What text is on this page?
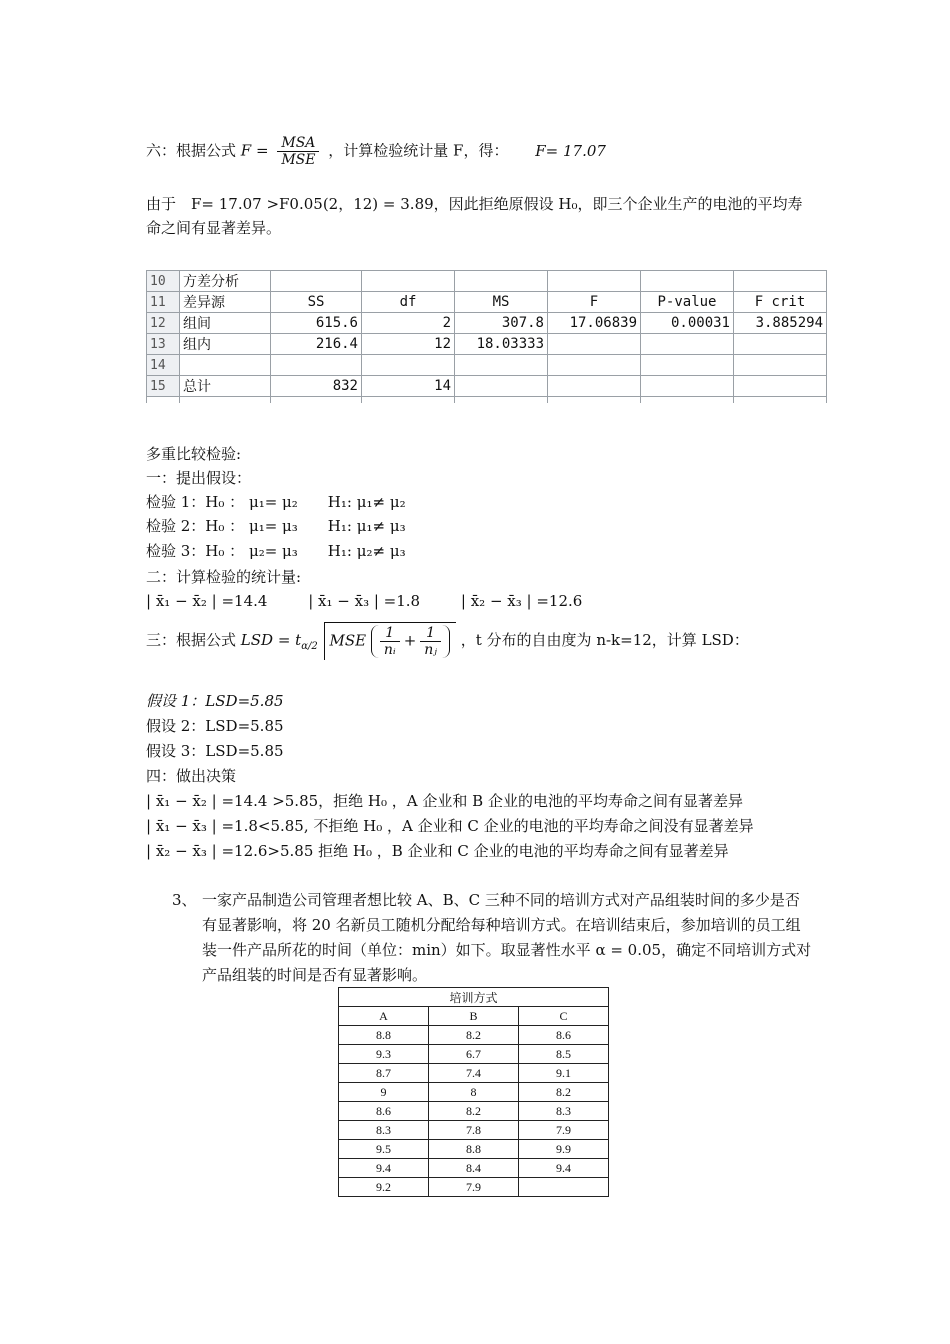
六：根据公式 $F = \frac{\text{MSA}}{\text{MSE}}$ ，计算检验统计量 F，得： F= 17.07
由于　F= 17.07 >F0.05(2，12) = 3.89，因此拒绝原假设 H₀，即三个企业生产的电池的平均寿
命之间有显著差异。
10	方差分析						
11	差异源	SS	df	MS	F	P-value	F crit
12	组间	615.6	2	307.8	17.06839	0.00031	3.885294
13	组内	216.4	12	18.03333			
14							
15	总计	832	14				

多重比较检验:
一：提出假设：
检验 1：H₀ ： μ₁= μ₂　　H₁: μ₁≠ μ₂
检验 2：H₀ ： μ₁= μ₃　　H₁: μ₁≠ μ₃
检验 3：H₀ ： μ₂= μ₃　　H₁: μ₂≠ μ₃
二：计算检验的统计量:
| x̄₁ − x̄₂ | =14.4	| x̄₁ − x̄₃ | =1.8	| x̄₂ − x̄₃ | =12.6
三：根据公式 LSD = $t_{\alpha/2}$ MSE $\frac{1}{\text{nᵢ}} + \frac{1}{\text{nⱼ}}$ ，t 分布的自由度为 n-k=12，计算 LSD：
假设 1：LSD=5.85
假设 2：LSD=5.85
假设 3：LSD=5.85
四：做出决策
| x̄₁ − x̄₂ | =14.4 >5.85，拒绝 H₀ ，A 企业和 B 企业的电池的平均寿命之间有显著差异
| x̄₁ − x̄₃ | =1.8<5.85, 不拒绝 H₀ ，A 企业和 C 企业的电池的平均寿命之间没有显著差异
| x̄₂ − x̄₃ | =12.6>5.85 拒绝 H₀ ，B 企业和 C 企业的电池的平均寿命之间有显著差异
3、 一家产品制造公司管理者想比较 A、B、C 三种不同的培训方式对产品组装时间的多少是否有显著影响，将 20 名新员工随机分配给每种培训方式。在培训结束后，参加培训的员工组装一件产品所花的时间（单位：min）如下。取显著性水平 α = 0.05，确定不同培训方式对产品组装的时间是否有显著影响。
培训方式		
A	B	C
8.8	8.2	8.6
9.3	6.7	8.5
8.7	7.4	9.1
9	8	8.2
8.6	8.2	8.3
8.3	7.8	7.9
9.5	8.8	9.9
9.4	8.4	9.4
9.2	7.9	
